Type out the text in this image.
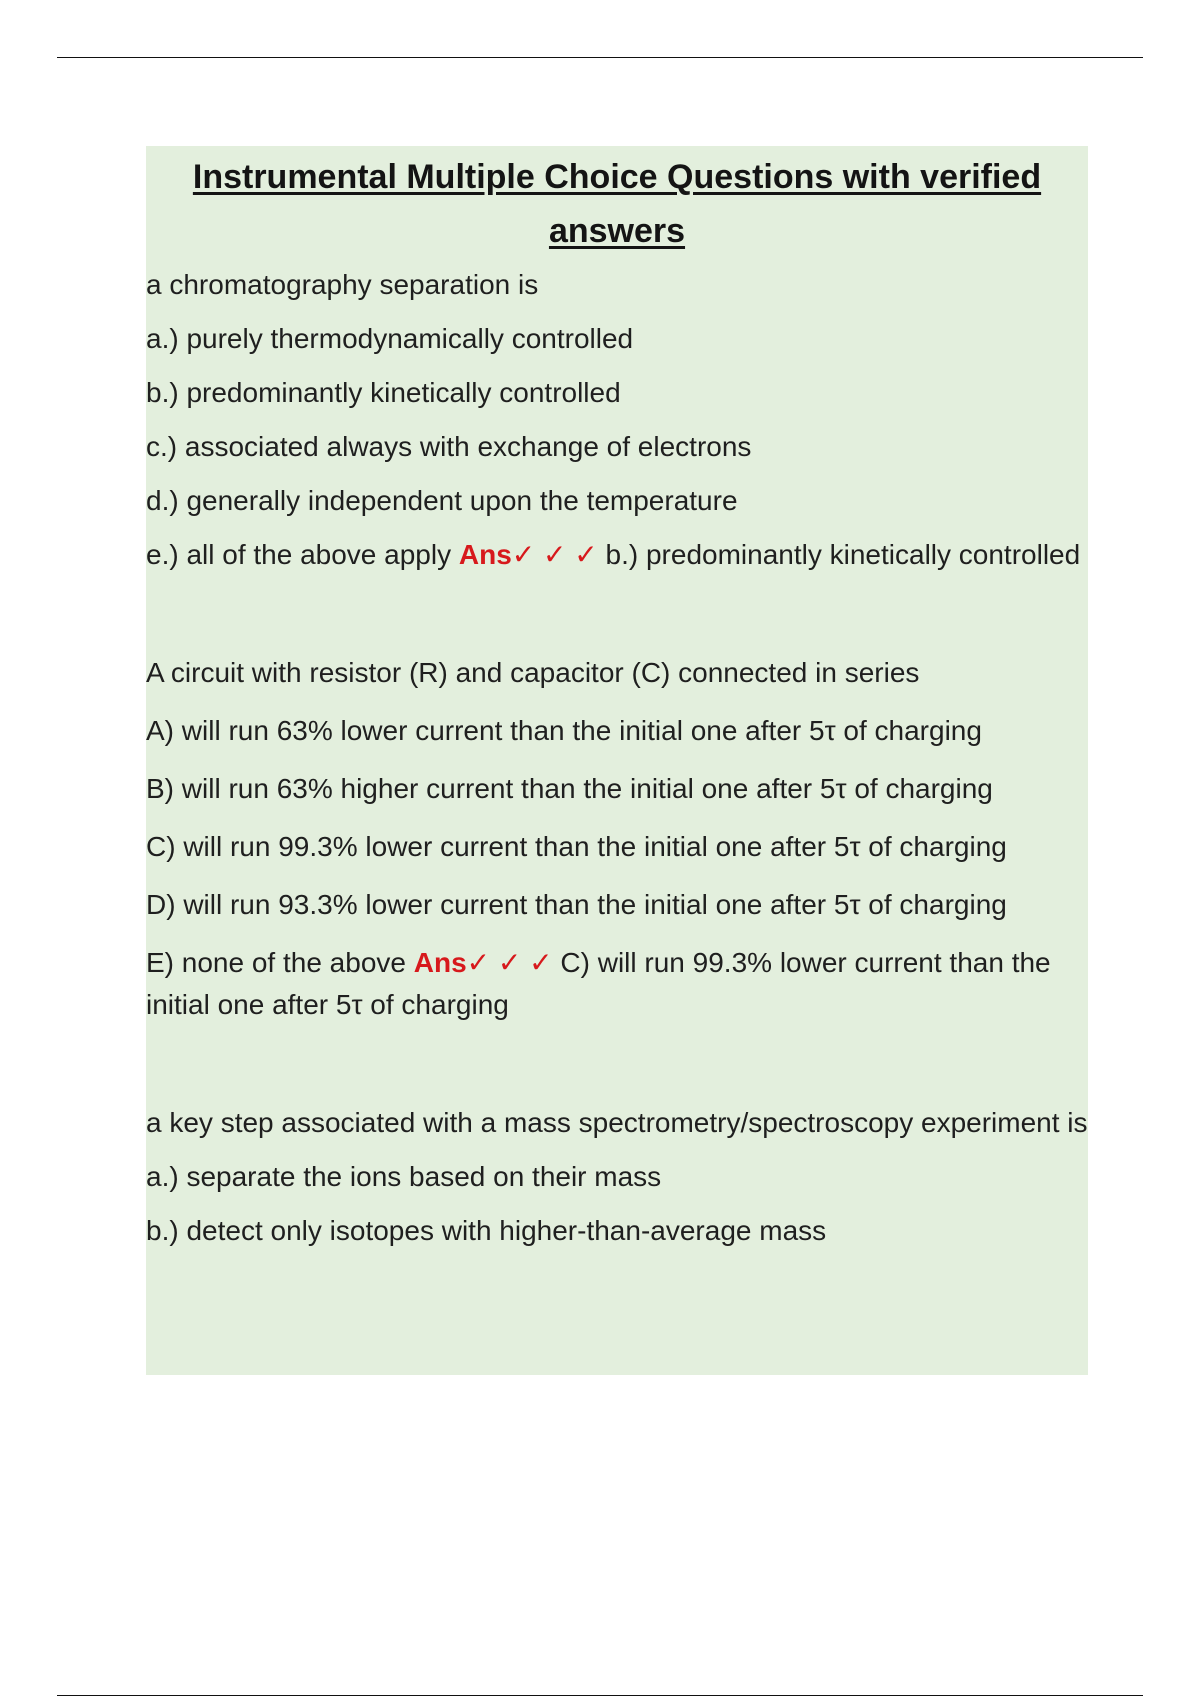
Instrumental Multiple Choice Questions with verified
answers

a chromatography separation is

a.) purely thermodynamically controlled

b.) predominantly kinetically controlled

c.) associated always with exchange of electrons

d.) generally independent upon the temperature

e.) all of the above apply Ans✓ ✓ ✓ b.) predominantly kinetically controlled

A circuit with resistor (R) and capacitor (C) connected in series

A) will run 63% lower current than the initial one after 5τ of charging

B) will run 63% higher current than the initial one after 5τ of charging

C) will run 99.3% lower current than the initial one after 5τ of charging

D) will run 93.3% lower current than the initial one after 5τ of charging

E) none of the above Ans✓ ✓ ✓ C) will run 99.3% lower current than the initial one after 5τ of charging

a key step associated with a mass spectrometry/spectroscopy experiment is

a.) separate the ions based on their mass

b.) detect only isotopes with higher-than-average mass
